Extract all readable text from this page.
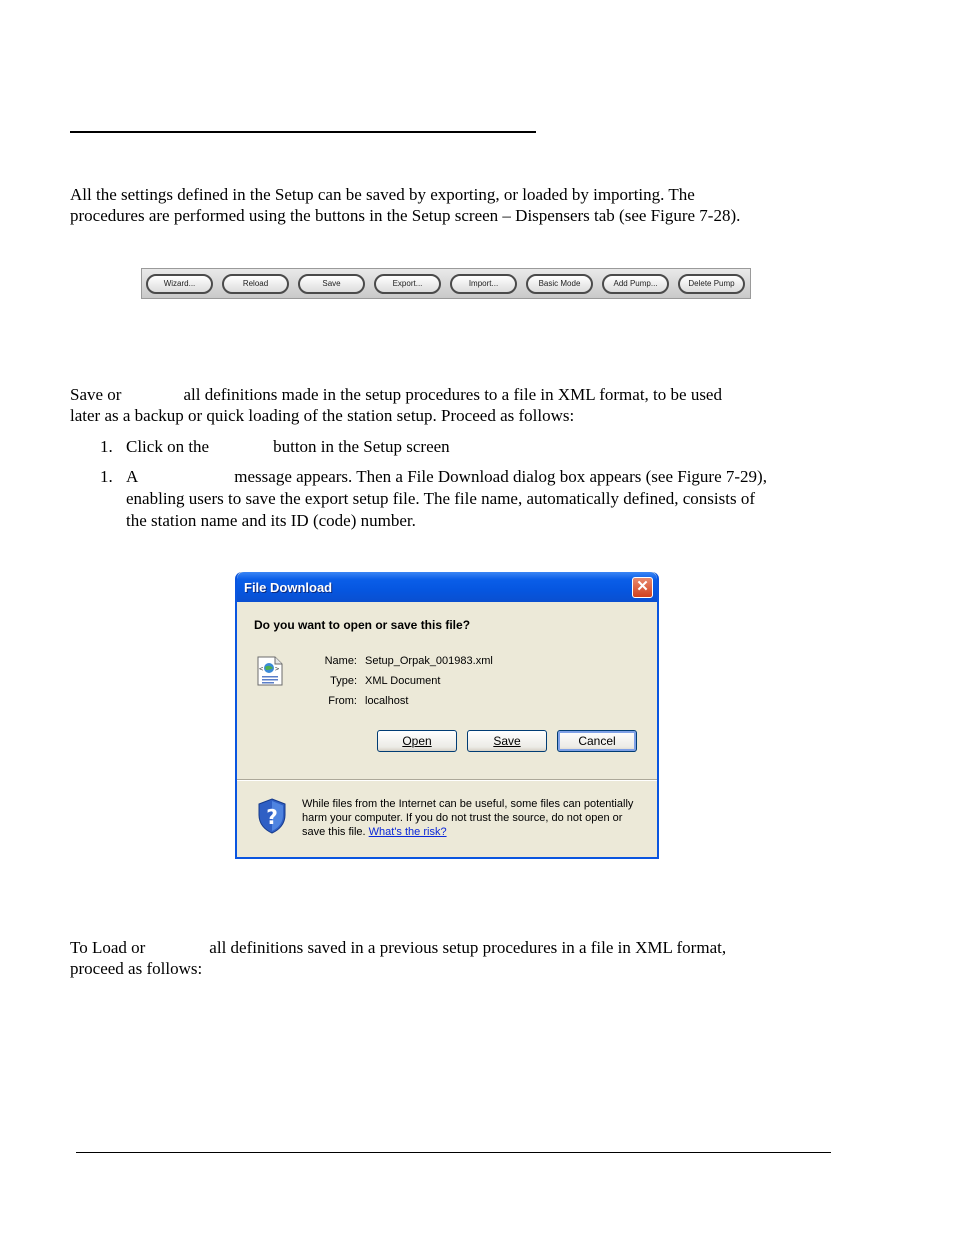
All the settings defined in the Setup can be saved by exporting, or loaded by importing. The
procedures are performed using the buttons in the Setup screen – Dispensers tab (see Figure 7-28).
Wizard...	Reload	Save	Export...	Import...	Basic Mode	Add Pump...	Delete Pump
Save or	all definitions made in the setup procedures to a file in XML format, to be used
later as a backup or quick loading of the station setup. Proceed as follows:
1. Click on the	button in the Setup screen
1. A	message appears. Then a File Download dialog box appears (see Figure 7-29),
enabling users to save the export setup file. The file name, automatically defined, consists of
the station name and its ID (code) number.
File Download	✕
Do you want to open or save this file?
< >
Name: Setup_Orpak_001983.xml
Type: XML Document
From: localhost
Open	Save	Cancel
?
While files from the Internet can be useful, some files can potentially
harm your computer. If you do not trust the source, do not open or
save this file. What's the risk?
To Load or	all definitions saved in a previous setup procedures in a file in XML format,
proceed as follows:
